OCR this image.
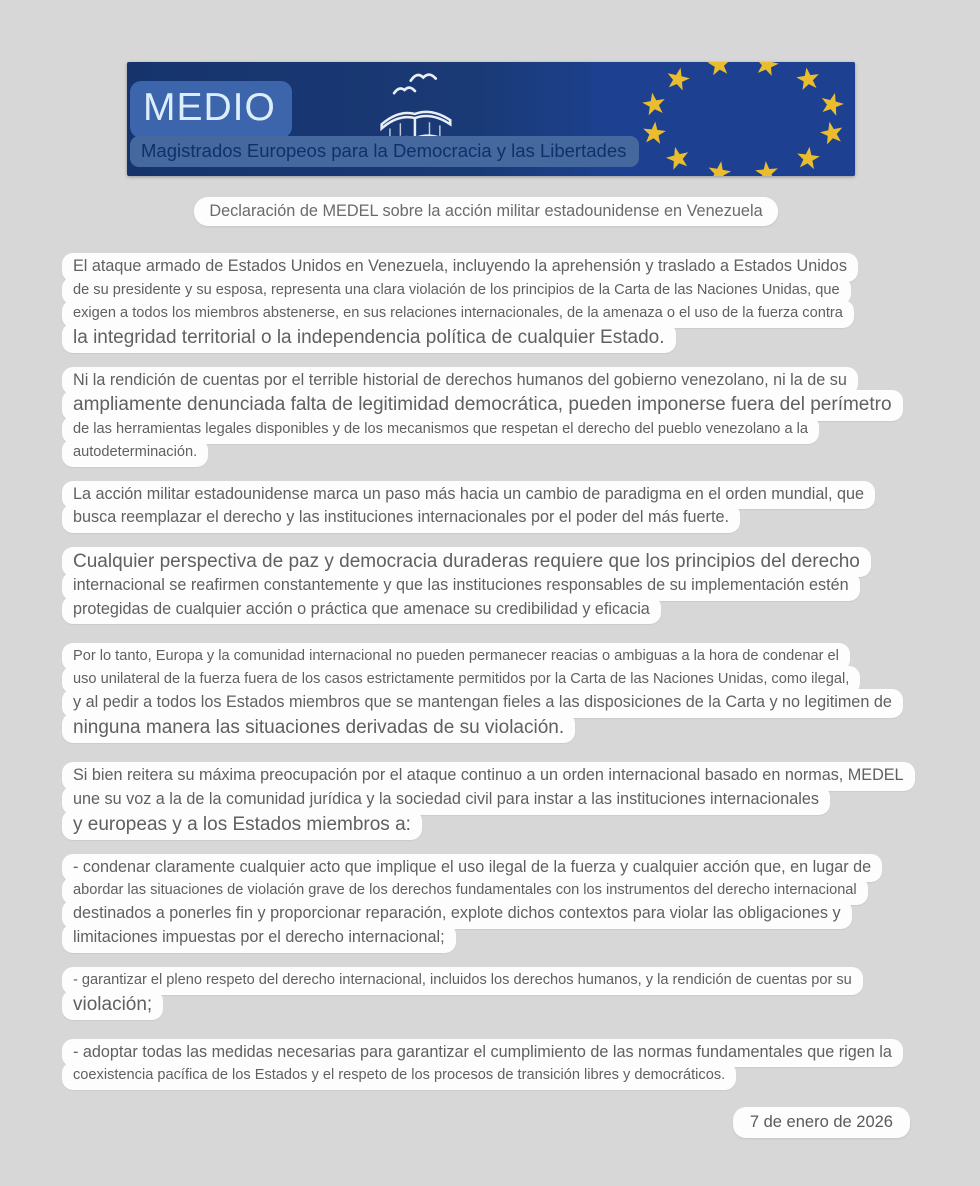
MEDIO
Magistrados Europeos para la Democracia y las Libertades
Declaración de MEDEL sobre la acción militar estadounidense en Venezuela
El ataque armado de Estados Unidos en Venezuela, incluyendo la aprehensión y traslado a Estados Unidos
de su presidente y su esposa, representa una clara violación de los principios de la Carta de las Naciones Unidas, que
exigen a todos los miembros abstenerse, en sus relaciones internacionales, de la amenaza o el uso de la fuerza contra
la integridad territorial o la independencia política de cualquier Estado.
Ni la rendición de cuentas por el terrible historial de derechos humanos del gobierno venezolano, ni la de su
ampliamente denunciada falta de legitimidad democrática, pueden imponerse fuera del perímetro
de las herramientas legales disponibles y de los mecanismos que respetan el derecho del pueblo venezolano a la
autodeterminación.
La acción militar estadounidense marca un paso más hacia un cambio de paradigma en el orden mundial, que
busca reemplazar el derecho y las instituciones internacionales por el poder del más fuerte.
Cualquier perspectiva de paz y democracia duraderas requiere que los principios del derecho
internacional se reafirmen constantemente y que las instituciones responsables de su implementación estén
protegidas de cualquier acción o práctica que amenace su credibilidad y eficacia
Por lo tanto, Europa y la comunidad internacional no pueden permanecer reacias o ambiguas a la hora de condenar el
uso unilateral de la fuerza fuera de los casos estrictamente permitidos por la Carta de las Naciones Unidas, como ilegal,
y al pedir a todos los Estados miembros que se mantengan fieles a las disposiciones de la Carta y no legitimen de
ninguna manera las situaciones derivadas de su violación.
Si bien reitera su máxima preocupación por el ataque continuo a un orden internacional basado en normas, MEDEL
une su voz a la de la comunidad jurídica y la sociedad civil para instar a las instituciones internacionales
y europeas y a los Estados miembros a:
- condenar claramente cualquier acto que implique el uso ilegal de la fuerza y cualquier acción que, en lugar de
abordar las situaciones de violación grave de los derechos fundamentales con los instrumentos del derecho internacional
destinados a ponerles fin y proporcionar reparación, explote dichos contextos para violar las obligaciones y
limitaciones impuestas por el derecho internacional;
- garantizar el pleno respeto del derecho internacional, incluidos los derechos humanos, y la rendición de cuentas por su
violación;
- adoptar todas las medidas necesarias para garantizar el cumplimiento de las normas fundamentales que rigen la
coexistencia pacífica de los Estados y el respeto de los procesos de transición libres y democráticos.
7 de enero de 2026
